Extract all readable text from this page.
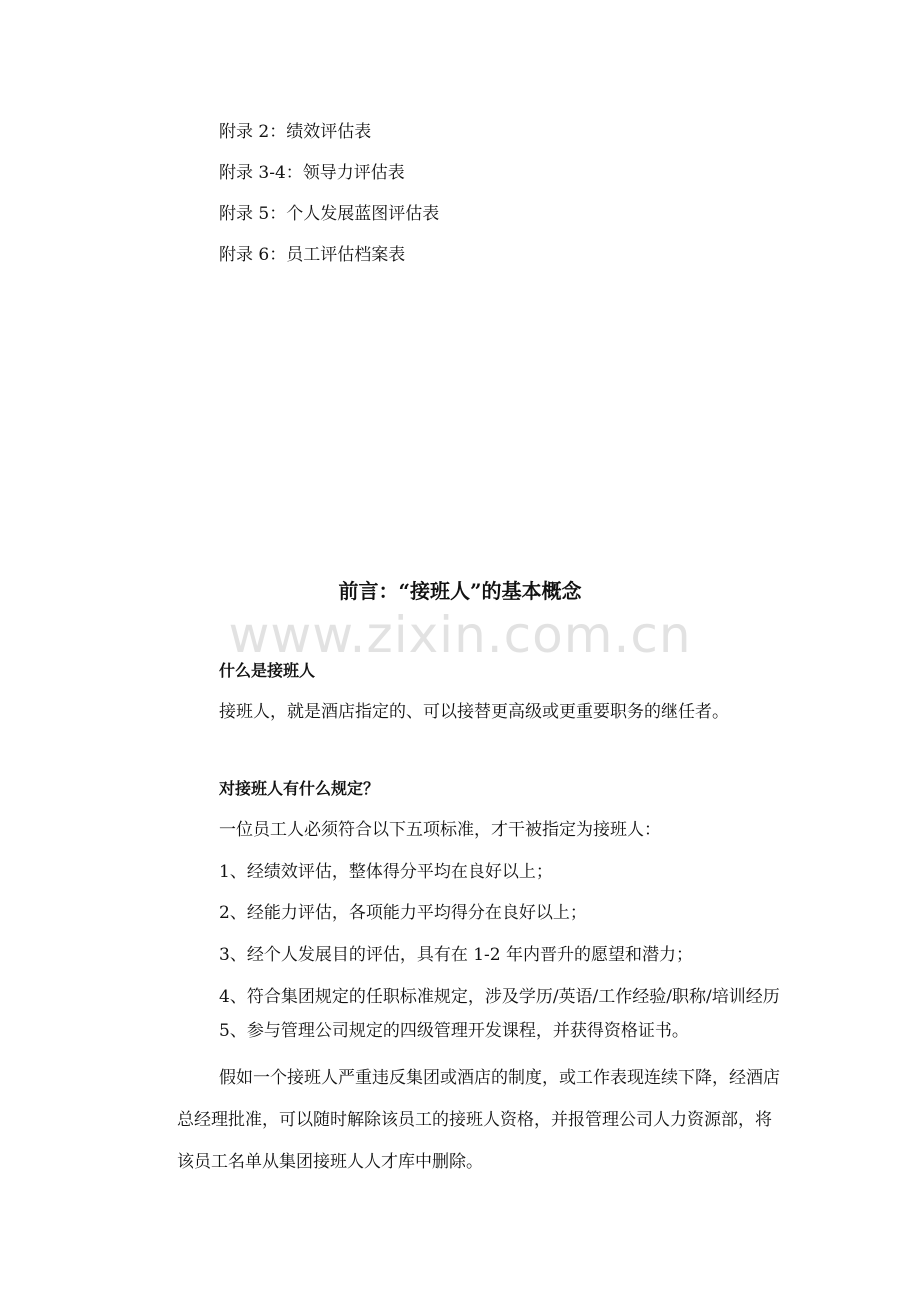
附录 2：绩效评估表
附录 3-4：领导力评估表
附录 5：个人发展蓝图评估表
附录 6：员工评估档案表
前言：“接班人”的基本概念
www.zixin.com.cn
什么是接班人
接班人，就是酒店指定的、可以接替更高级或更重要职务的继任者。
对接班人有什么规定？
一位员工人必须符合以下五项标准，才干被指定为接班人：
1、经绩效评估，整体得分平均在良好以上；
2、经能力评估，各项能力平均得分在良好以上；
3、经个人发展目的评估，具有在 1-2 年内晋升的愿望和潜力；
4、符合集团规定的任职标准规定，涉及学历/英语/工作经验/职称/培训经历
5、参与管理公司规定的四级管理开发课程，并获得资格证书。
假如一个接班人严重违反集团或酒店的制度，或工作表现连续下降，经酒店
总经理批准，可以随时解除该员工的接班人资格，并报管理公司人力资源部，将
该员工名单从集团接班人人才库中删除。
